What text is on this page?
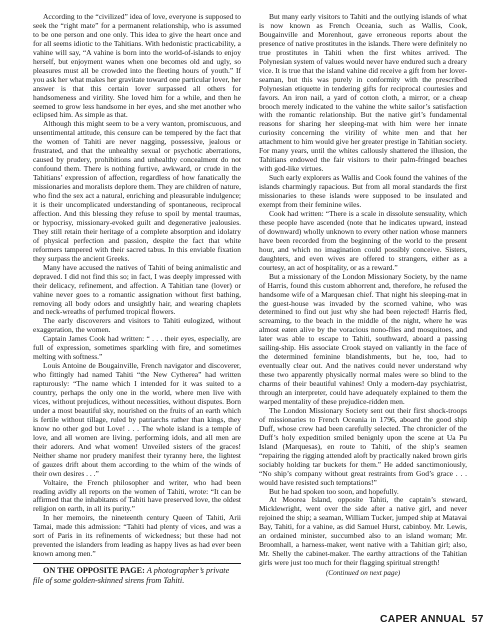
According to the “civilized” idea of love, everyone is supposed to seek the “right mate” for a permanent relationship, who is assumed to be one person and one only. This idea to give the heart once and for all seems idiotic to the Tahitians. With hedonistic practicability, a vahine will say, “A vahine is born into the world-of-islands to enjoy herself, but enjoyment wanes when one becomes old and ugly, so pleasures must all be crowded into the fleeting hours of youth.” If you ask her what makes her gravitate toward one particular lover, her answer is that this certain lover surpassed all others for handsomeness and virility. She loved him for a while, and then he seemed to grow less handsome in her eyes, and she met another who eclipsed him. As simple as that.

Although this might seem to be a very wanton, promiscuous, and unsentimental attitude, this censure can be tempered by the fact that the women of Tahiti are never nagging, possessive, jealous or frustrated, and that the unhealthy sexual or psychotic aberrations, caused by prudery, prohibitions and unhealthy concealment do not confound them. There is nothing furtive, awkward, or crude in the Tahitians’ expression of affection, regardless of how fanatically the missionaries and moralists deplore them. They are children of nature, who find the sex act a natural, enriching and pleasurable indulgence; it is their uncomplicated understanding of spontaneous, reciprocal affection. And this blessing they refuse to spoil by mental traumas, or hypocrisy, missionary-evoked guilt and degenerative jealousies. They still retain their heritage of a complete absorption and idolatry of physical perfection and passion, despite the fact that white reformers tampered with their sacred tabus. In this enviable fixation they surpass the ancient Greeks.

Many have accused the natives of Tahiti of being animalistic and depraved. I did not find this so; in fact, I was deeply impressed with their delicacy, refinement, and affection. A Tahitian tane (lover) or vahine never goes to a romantic assignation without first bathing, removing all body odors and unsightly hair, and wearing chaplets and neck-wreaths of perfumed tropical flowers.

The early discoverers and visitors to Tahiti eulogized, without exaggeration, the women.

Captain James Cook had written: “ . . . their eyes, especially, are full of expression, sometimes sparkling with fire, and sometimes melting with softness.”

Louis Antoine de Bougainville, French navigator and discoverer, who fittingly had named Tahiti “the New Cytherea” had written rapturously: “The name which I intended for it was suited to a country, perhaps the only one in the world, where men live with vices, without prejudices, without necessities, without disputes. Born under a most beautiful sky, nourished on the fruits of an earth which is fertile without tillage, ruled by patriarchs rather than kings, they know no other god but Love! . . . The whole island is a temple of love, and all women are living, performing idols, and all men are their adorers. And what women! Unveiled sisters of the graces! Neither shame nor prudery manifest their tyranny here, the lightest of gauzes drift about them according to the whim of the winds of their own desires . . .”

Voltaire, the French philosopher and writer, who had been reading avidly all reports on the women of Tahiti, wrote: “It can be affirmed that the inhabitants of Tahiti have preserved love, the oldest religion on earth, in all its purity.”

In her memoirs, the nineteenth century Queen of Tahiti, Arii Tamai, made this admission: “Tahiti had plenty of vices, and was a sort of Paris in its refinements of wickedness; but these had not prevented the islanders from leading as happy lives as had ever been known among men.”

ON THE OPPOSITE PAGE: A photographer’s private file of some golden-skinned sirens from Tahiti.

But many early visitors to Tahiti and the outlying islands of what is now known as French Oceania, such as Wallis, Cook, Bougainville and Morenhout, gave erroneous reports about the presence of native prostitutes in the islands. There were definitely no true prostitutes in Tahiti when the first whites arrived. The Polynesian system of values would never have endured such a dreary vice. It is true that the island vahine did receive a gift from her lover-seaman, but this was purely in conformity with the prescribed Polynesian etiquette in tendering gifts for reciprocal courtesies and favors. An iron nail, a yard of cotton cloth, a mirror, or a cheap brooch merely indicated to the vahine the white sailor’s satisfaction with the romantic relationship. But the native girl’s fundamental reasons for sharing her sleeping-mat with him were her innate curiosity concerning the virility of white men and that her attachment to him would give her greater prestige in Tahitian society. For many years, until the whites callously shattered the illusion, the Tahitians endowed the fair visitors to their palm-fringed beaches with god-like virtues.

Such early explorers as Wallis and Cook found the vahines of the islands charmingly rapacious. But from all moral standards the first missionaries to these islands were supposed to be insulated and exempt from their feminine wiles.

Cook had written: “There is a scale in dissolute sensuality, which these people have ascended (note that he indicates upward, instead of downward) wholly unknown to every other nation whose manners have been recorded from the beginning of the world to the present hour, and which no imagination could possibly conceive. Sisters, daughters, and even wives are offered to strangers, either as a courtesy, an act of hospitality, or as a reward.”

But a missionary of the London Missionary Society, by the name of Harris, found this custom abhorrent and, therefore, he refused the handsome wife of a Marquesan chief. That night his sleeping-mat in the guest-house was invaded by the scorned vahine, who was determined to find out just why she had been rejected! Harris fled, screaming, to the beach in the middle of the night, where he was almost eaten alive by the voracious nono-flies and mosquitoes, and later was able to escape to Tahiti, southward, aboard a passing sailing-ship. His associate Crook stayed on valiantly in the face of the determined feminine blandishments, but he, too, had to eventually clear out. And the natives could never understand why these two apparently physically normal males were so blind to the charms of their beautiful vahines! Only a modern-day psychiatrist, through an interpreter, could have adequately explained to them the warped mentality of these prejudice-ridden men.

The London Missionary Society sent out their first shock-troops of missionaries to French Oceania in 1796, aboard the good ship Duff, whose crew had been carefully selected. The chronicler of the Duff’s holy expedition smiled benignly upon the scene at Ua Pu Island (Marquesas), en route to Tahiti, of the ship’s seamen “repairing the rigging attended aloft by practically naked brown girls sociably holding tar buckets for them.” He added sanctimoniously, “No ship’s company without great restraints from God’s grace . . . would have resisted such temptations!”

But he had spoken too soon, and hopefully.

At Moorea Island, opposite Tahiti, the captain’s steward, Micklewright, went over the side after a native girl, and never rejoined the ship; a seaman, William Tucker, jumped ship at Matavai Bay, Tahiti, for a vahine, as did Samuel Hurst, cabinboy. Mr. Lewis, an ordained minister, succumbed also to an island woman; Mr. Broomhall, a harness-maker, went native with a Tahitian girl; also, Mr. Shelly the cabinet-maker. The earthy attractions of the Tahitian girls were just too much for their flagging spiritual strength!

(Continued on next page)
CAPER ANNUAL 57
